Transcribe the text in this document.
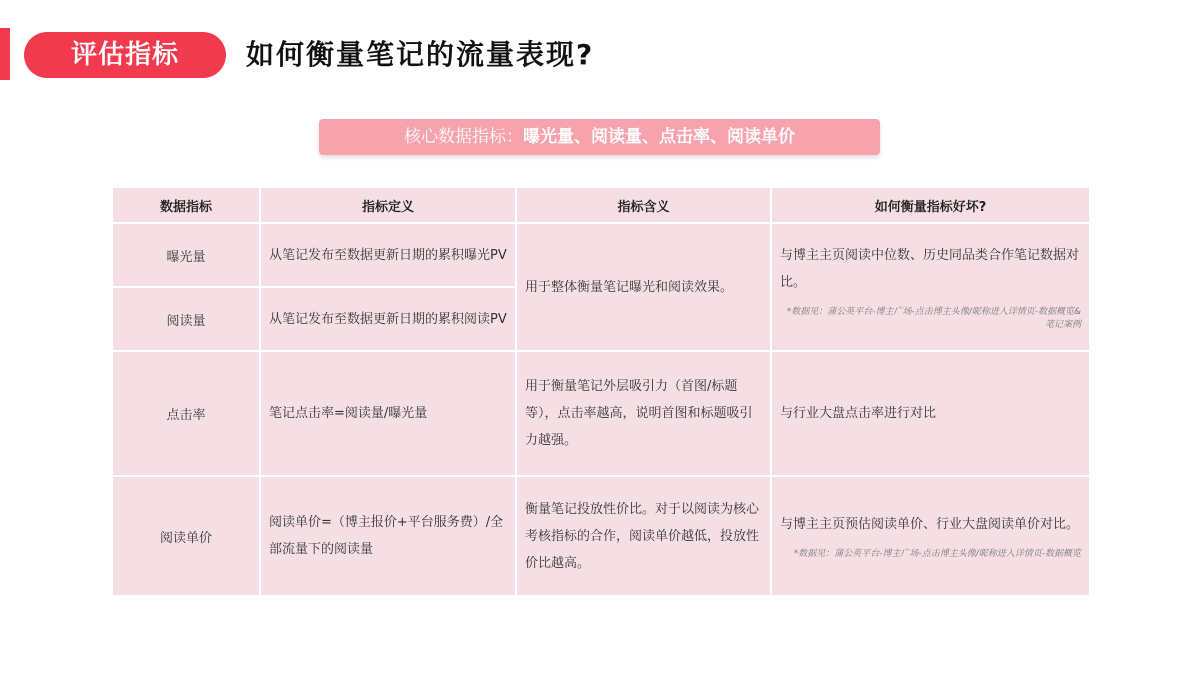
评估指标	如何衡量笔记的流量表现?
核心数据指标：曝光量、阅读量、点击率、阅读单价
数据指标	指标定义	指标含义	如何衡量指标好坏?
曝光量	从笔记发布至数据更新日期的累积曝光PV	用于整体衡量笔记曝光和阅读效果。	与博主主页阅读中位数、历史同品类合作笔记数据对比。
*数据见：蒲公英平台-博主广场-点击博主头像/昵称进入详情页-数据概览&笔记案例

阅读量	从笔记发布至数据更新日期的累积阅读PV		
点击率	笔记点击率=阅读量/曝光量	用于衡量笔记外层吸引力（首图/标题等），点击率越高，说明首图和标题吸引力越强。	与行业大盘点击率进行对比
阅读单价	阅读单价=（博主报价+平台服务费）/全部流量下的阅读量	衡量笔记投放性价比。对于以阅读为核心考核指标的合作，阅读单价越低，投放性价比越高。	与博主主页预估阅读单价、行业大盘阅读单价对比。
*数据见：蒲公英平台-博主广场-点击博主头像/昵称进入详情页-数据概览
